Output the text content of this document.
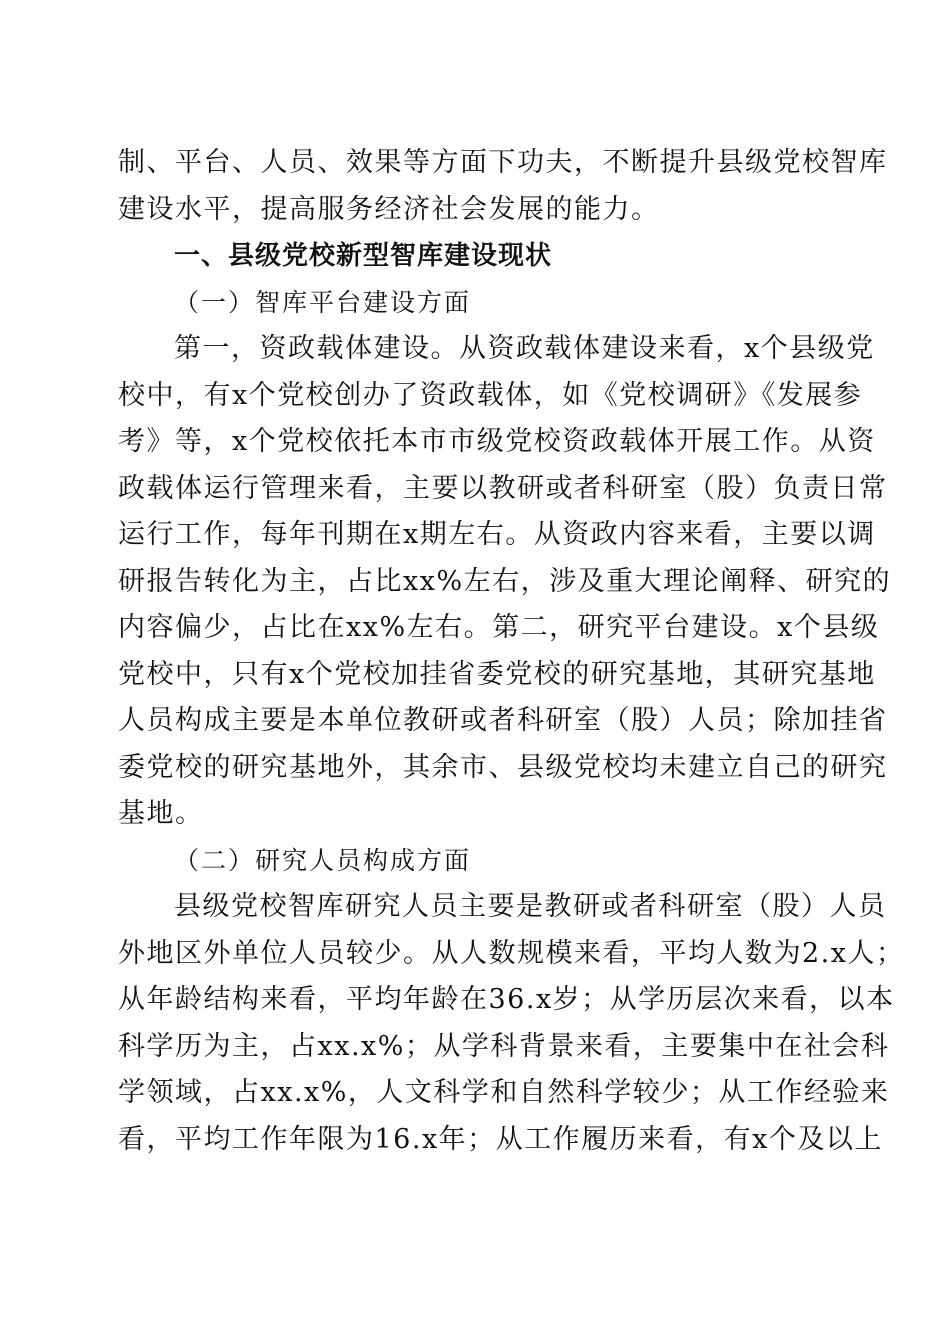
制、平台、人员、效果等方面下功夫，不断提升县级党校智库
建设水平，提高服务经济社会发展的能力。
一、县级党校新型智库建设现状
（一）智库平台建设方面
第一，资政载体建设。从资政载体建设来看，x个县级党
校中，有x个党校创办了资政载体，如《党校调研》《发展参
考》等，x个党校依托本市市级党校资政载体开展工作。从资
政载体运行管理来看，主要以教研或者科研室（股）负责日常
运行工作，每年刊期在x期左右。从资政内容来看，主要以调
研报告转化为主，占比xx%左右，涉及重大理论阐释、研究的
内容偏少，占比在xx%左右。第二，研究平台建设。x个县级
党校中，只有x个党校加挂省委党校的研究基地，其研究基地
人员构成主要是本单位教研或者科研室（股）人员；除加挂省
委党校的研究基地外，其余市、县级党校均未建立自己的研究
基地。
（二）研究人员构成方面
县级党校智库研究人员主要是教研或者科研室（股）人员
外地区外单位人员较少。从人数规模来看，平均人数为2.x人；
从年龄结构来看，平均年龄在36.x岁；从学历层次来看，以本
科学历为主，占xx.x%；从学科背景来看，主要集中在社会科
学领域，占xx.x%，人文科学和自然科学较少；从工作经验来
看，平均工作年限为16.x年；从工作履历来看，有x个及以上
